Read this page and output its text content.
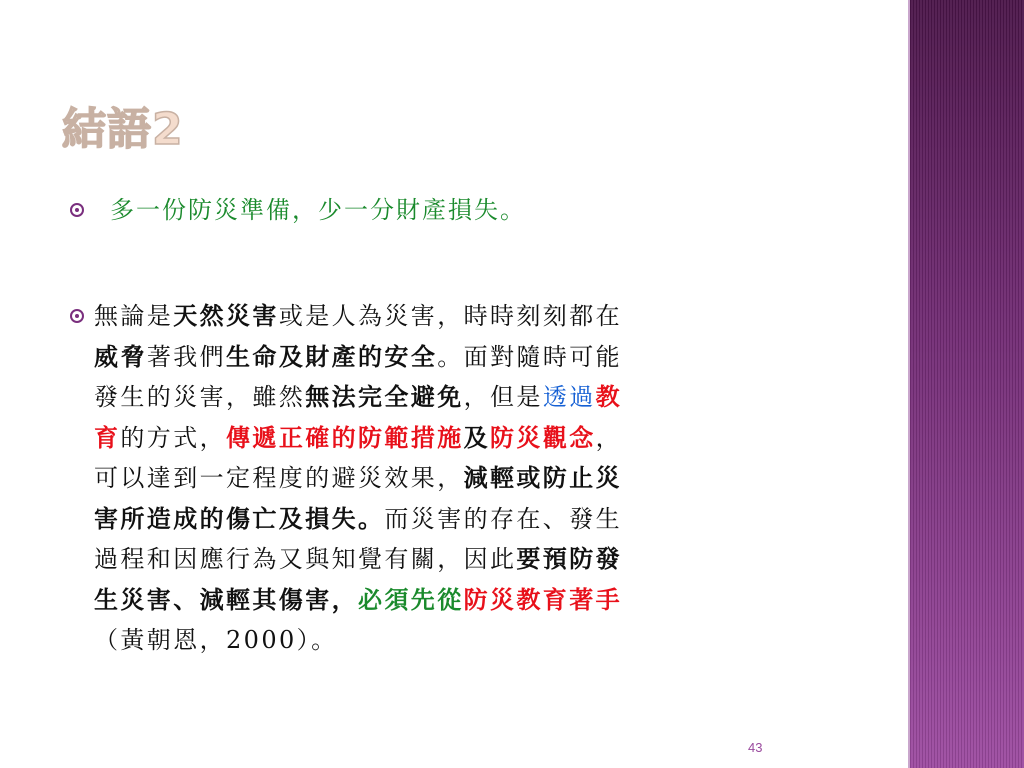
結語2
多一份防災準備，少一分財產損失。
無論是天然災害或是人為災害，時時刻刻都在
威脅著我們生命及財產的安全。面對隨時可能
發生的災害，雖然無法完全避免，但是透過教
育的方式，傳遞正確的防範措施及防災觀念，
可以達到一定程度的避災效果，減輕或防止災
害所造成的傷亡及損失。而災害的存在、發生
過程和因應行為又與知覺有關，因此要預防發
生災害、減輕其傷害，必須先從防災教育著手
（黃朝恩，2000）。
43
